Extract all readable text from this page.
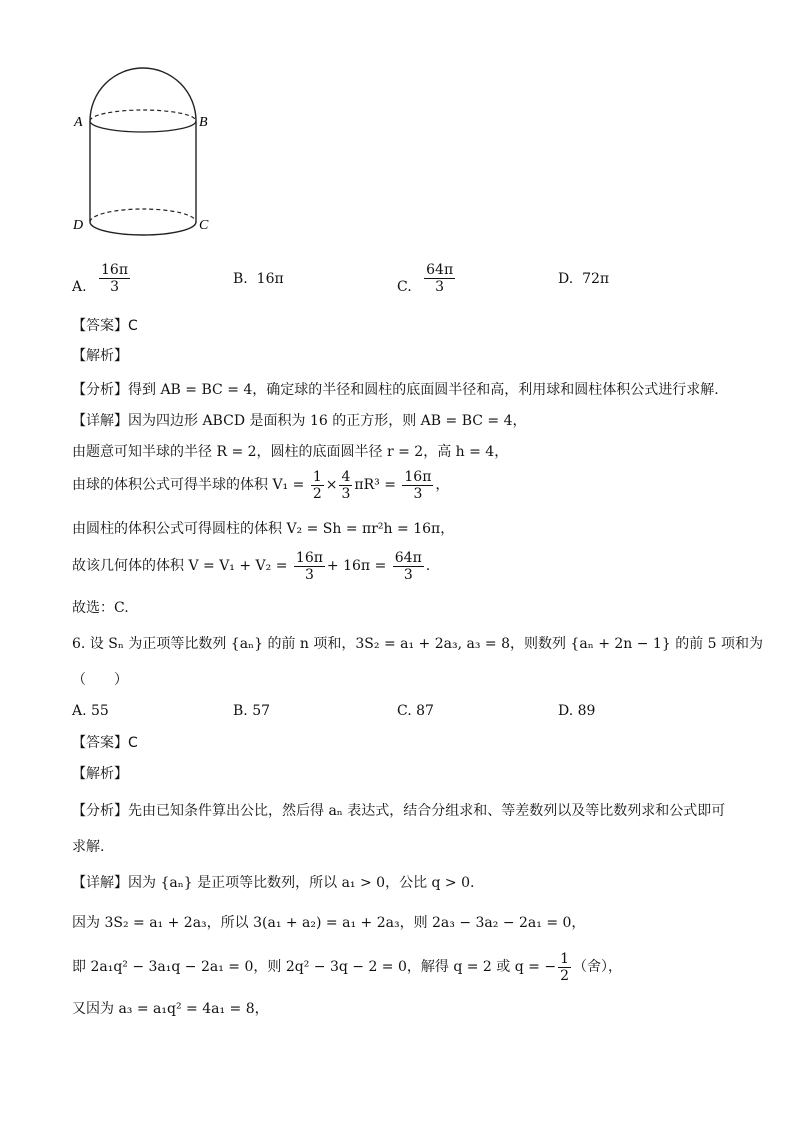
A	B
D	C
A. $\frac{16\pi}{3}$	B. 16π	C. $\frac{64\pi}{3}$	D. 72π
【答案】C
【解析】
【分析】得到 AB = BC = 4，确定球的半径和圆柱的底面圆半径和高，利用球和圆柱体积公式进行求解.
【详解】因为四边形 ABCD 是面积为 16 的正方形，则 AB = BC = 4，
由题意可知半球的半径 R = 2，圆柱的底面圆半径 r = 2，高 h = 4，
由球的体积公式可得半球的体积 $V_1 = \frac{1}{2} \times \frac{4}{3} \pi R^3 = \frac{16\pi}{3}$ ，
由圆柱的体积公式可得圆柱的体积 V₂ = Sh = πr²h = 16π，
故该几何体的体积 $V = V_1 + V_2 = \frac{16\pi}{3} + 16\pi = \frac{64\pi}{3}$ .
故选：C.
6. 设 Sₙ 为正项等比数列 {aₙ} 的前 n 项和，3S₂ = a₁ + 2a₃, a₃ = 8，则数列 {aₙ + 2n − 1} 的前 5 项和为
（　　）
A. 55	B. 57	C. 87	D. 89
【答案】C
【解析】
【分析】先由已知条件算出公比，然后得 aₙ 表达式，结合分组求和、等差数列以及等比数列求和公式即可
求解.
【详解】因为 {aₙ} 是正项等比数列，所以 a₁ > 0，公比 q > 0.
因为 3S₂ = a₁ + 2a₃，所以 3(a₁ + a₂) = a₁ + 2a₃，则 2a₃ − 3a₂ − 2a₁ = 0，
即 2a₁q² − 3a₁q − 2a₁ = 0，则 2q² − 3q − 2 = 0，解得 q = 2 或 q = − $\frac{1}{2}$ （舍），
又因为 a₃ = a₁q² = 4a₁ = 8，
